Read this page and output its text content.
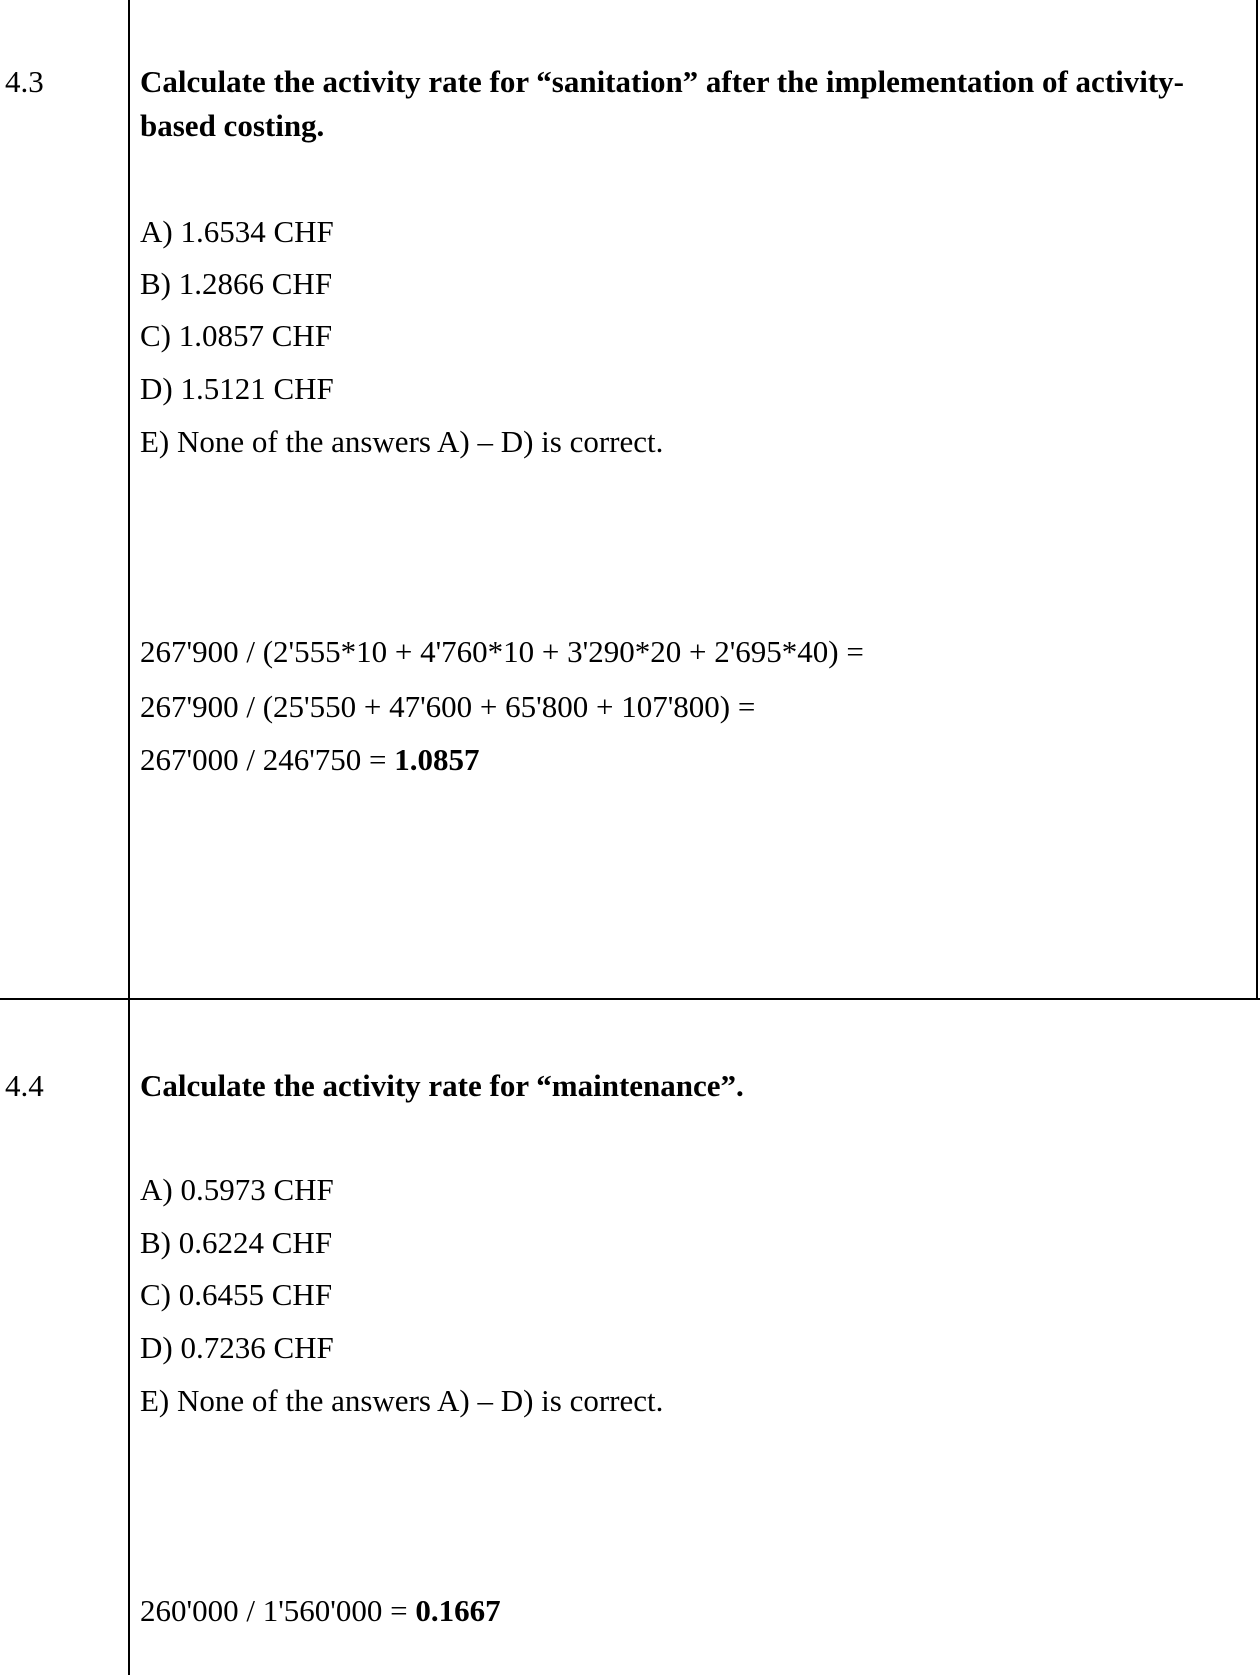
4.3	Calculate the activity rate for “sanitation” after the implementation of activity-based costing.
A) 1.6534 CHF
B) 1.2866 CHF
C) 1.0857 CHF
D) 1.5121 CHF
E) None of the answers A) – D) is correct.
267'900 / (2'555*10 + 4'760*10 + 3'290*20 + 2'695*40) =
267'900 / (25'550 + 47'600 + 65'800 + 107'800) =
267'000 / 246'750 = 1.0857
4.4	Calculate the activity rate for “maintenance”.
A) 0.5973 CHF
B) 0.6224 CHF
C) 0.6455 CHF
D) 0.7236 CHF
E) None of the answers A) – D) is correct.
260'000 / 1'560'000 = 0.1667
